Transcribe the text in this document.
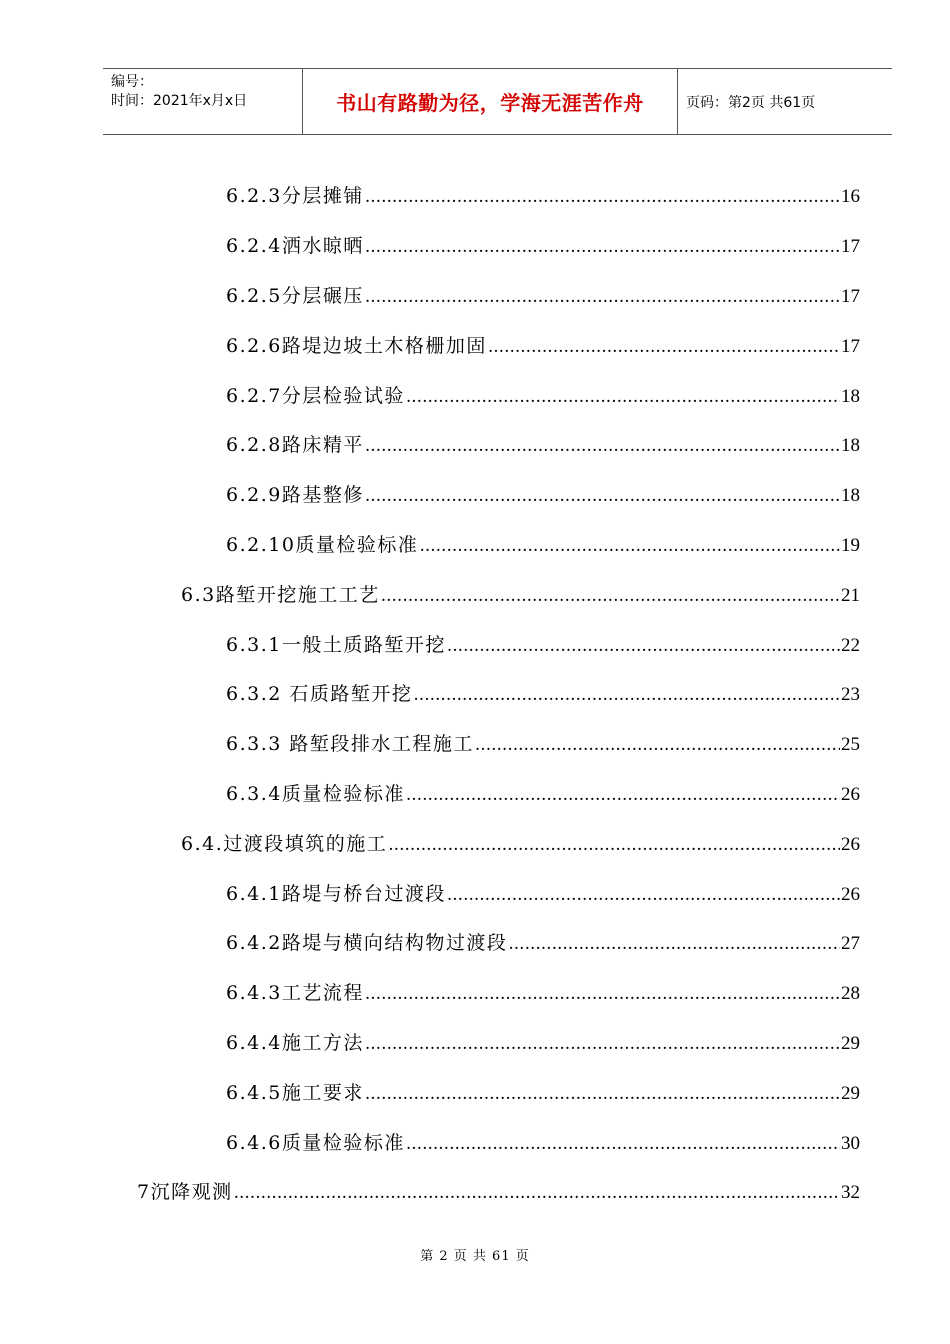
编号：
时间：2021年x月x日	书山有路勤为径，学海无涯苦作舟	页码：第2页 共61页
6.2.3分层摊铺 .....	16
6.2.4洒水晾晒 .....	17
6.2.5分层碾压 .....	17
6.2.6路堤边坡土木格栅加固 .....	17
6.2.7分层检验试验 .....	18
6.2.8路床精平 .....	18
6.2.9路基整修 .....	18
6.2.10质量检验标准 .....	19
6.3路堑开挖施工工艺 .....	21
6.3.1一般土质路堑开挖 .....	22
6.3.2 石质路堑开挖 .....	23
6.3.3 路堑段排水工程施工 .....	25
6.3.4质量检验标准 .....	26
6.4.过渡段填筑的施工 .....	26
6.4.1路堤与桥台过渡段 .....	26
6.4.2路堤与横向结构物过渡段 .....	27
6.4.3工艺流程 .....	28
6.4.4施工方法 .....	29
6.4.5施工要求 .....	29
6.4.6质量检验标准 .....	30
7沉降观测 .....	32
第 2 页 共 61 页
